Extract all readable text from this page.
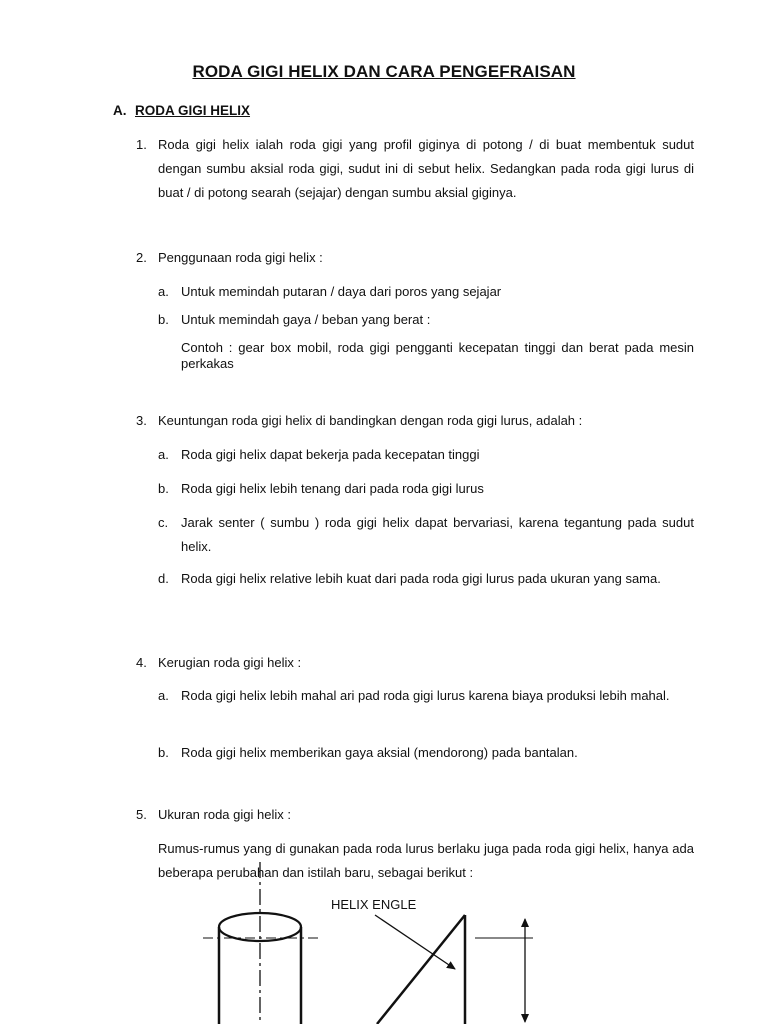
RODA GIGI HELIX DAN CARA PENGEFRAISAN
A. RODA GIGI HELIX
1. Roda gigi helix ialah roda gigi yang profil giginya di potong / di buat membentuk sudut dengan sumbu aksial roda gigi, sudut ini di sebut helix. Sedangkan pada roda gigi lurus di buat / di potong searah (sejajar) dengan sumbu aksial giginya.
2. Penggunaan roda gigi helix :
a. Untuk memindah putaran / daya dari poros yang sejajar
b. Untuk memindah gaya / beban yang berat :
Contoh : gear box mobil, roda gigi pengganti kecepatan tinggi dan berat pada mesin perkakas
3. Keuntungan roda gigi helix di bandingkan dengan roda gigi lurus, adalah :
a. Roda gigi helix dapat bekerja pada kecepatan tinggi
b. Roda gigi helix lebih tenang dari pada roda gigi lurus
c. Jarak senter ( sumbu ) roda gigi helix dapat bervariasi, karena tegantung pada sudut helix.
d. Roda gigi helix relative lebih kuat dari pada roda gigi lurus pada ukuran yang sama.
4. Kerugian roda gigi helix :
a. Roda gigi helix lebih mahal ari pad roda gigi lurus karena biaya produksi lebih mahal.
b. Roda gigi helix memberikan gaya aksial (mendorong) pada bantalan.
5. Ukuran roda gigi helix :
Rumus-rumus yang di gunakan pada roda lurus berlaku juga pada roda gigi helix, hanya ada beberapa perubahan dan istilah baru, sebagai berikut :
HELIX ENGLE
